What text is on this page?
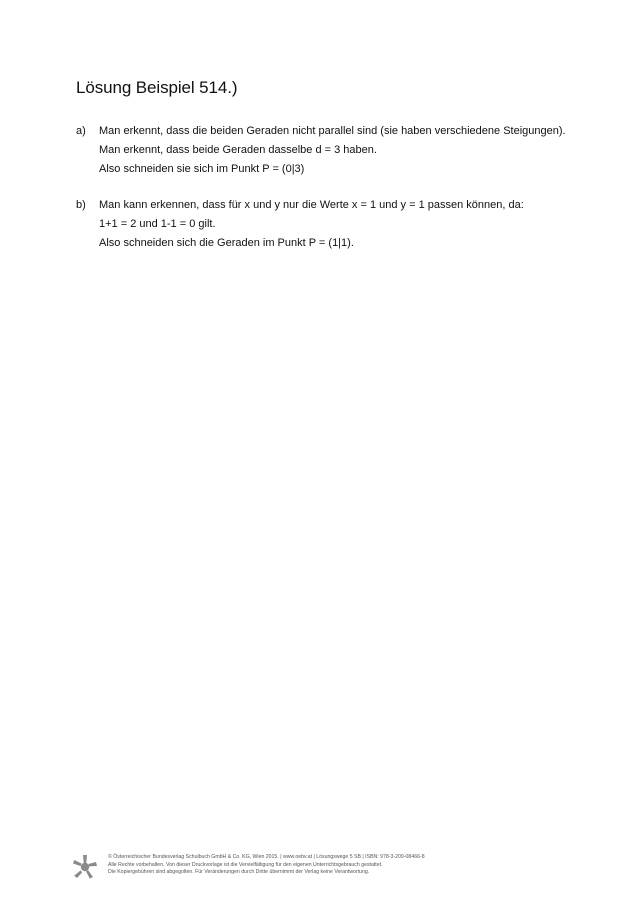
Lösung Beispiel 514.)
a) Man erkennt, dass die beiden Geraden nicht parallel sind (sie haben verschiedene Steigungen).
Man erkennt, dass beide Geraden dasselbe d = 3 haben.
Also schneiden sie sich im Punkt P = (0|3)
b) Man kann erkennen, dass für x und y nur die Werte x = 1 und y = 1 passen können, da:
1+1 = 2 und 1-1 = 0 gilt.
Also schneiden sich die Geraden im Punkt P = (1|1).
© Österreichischer Bundesverlag Schulbuch GmbH & Co. KG, Wien 2015. | www.oebv.at | Lösungswege 5 SB | ISBN: 978-3-209-08466-8
Alle Rechte vorbehalten. Von dieser Druckvorlage ist die Vervielfältigung für den eigenen Unterrichtsgebrauch gestattet.
Die Kopiergebühren sind abgegolten. Für Veränderungen durch Dritte übernimmt der Verlag keine Verantwortung.
